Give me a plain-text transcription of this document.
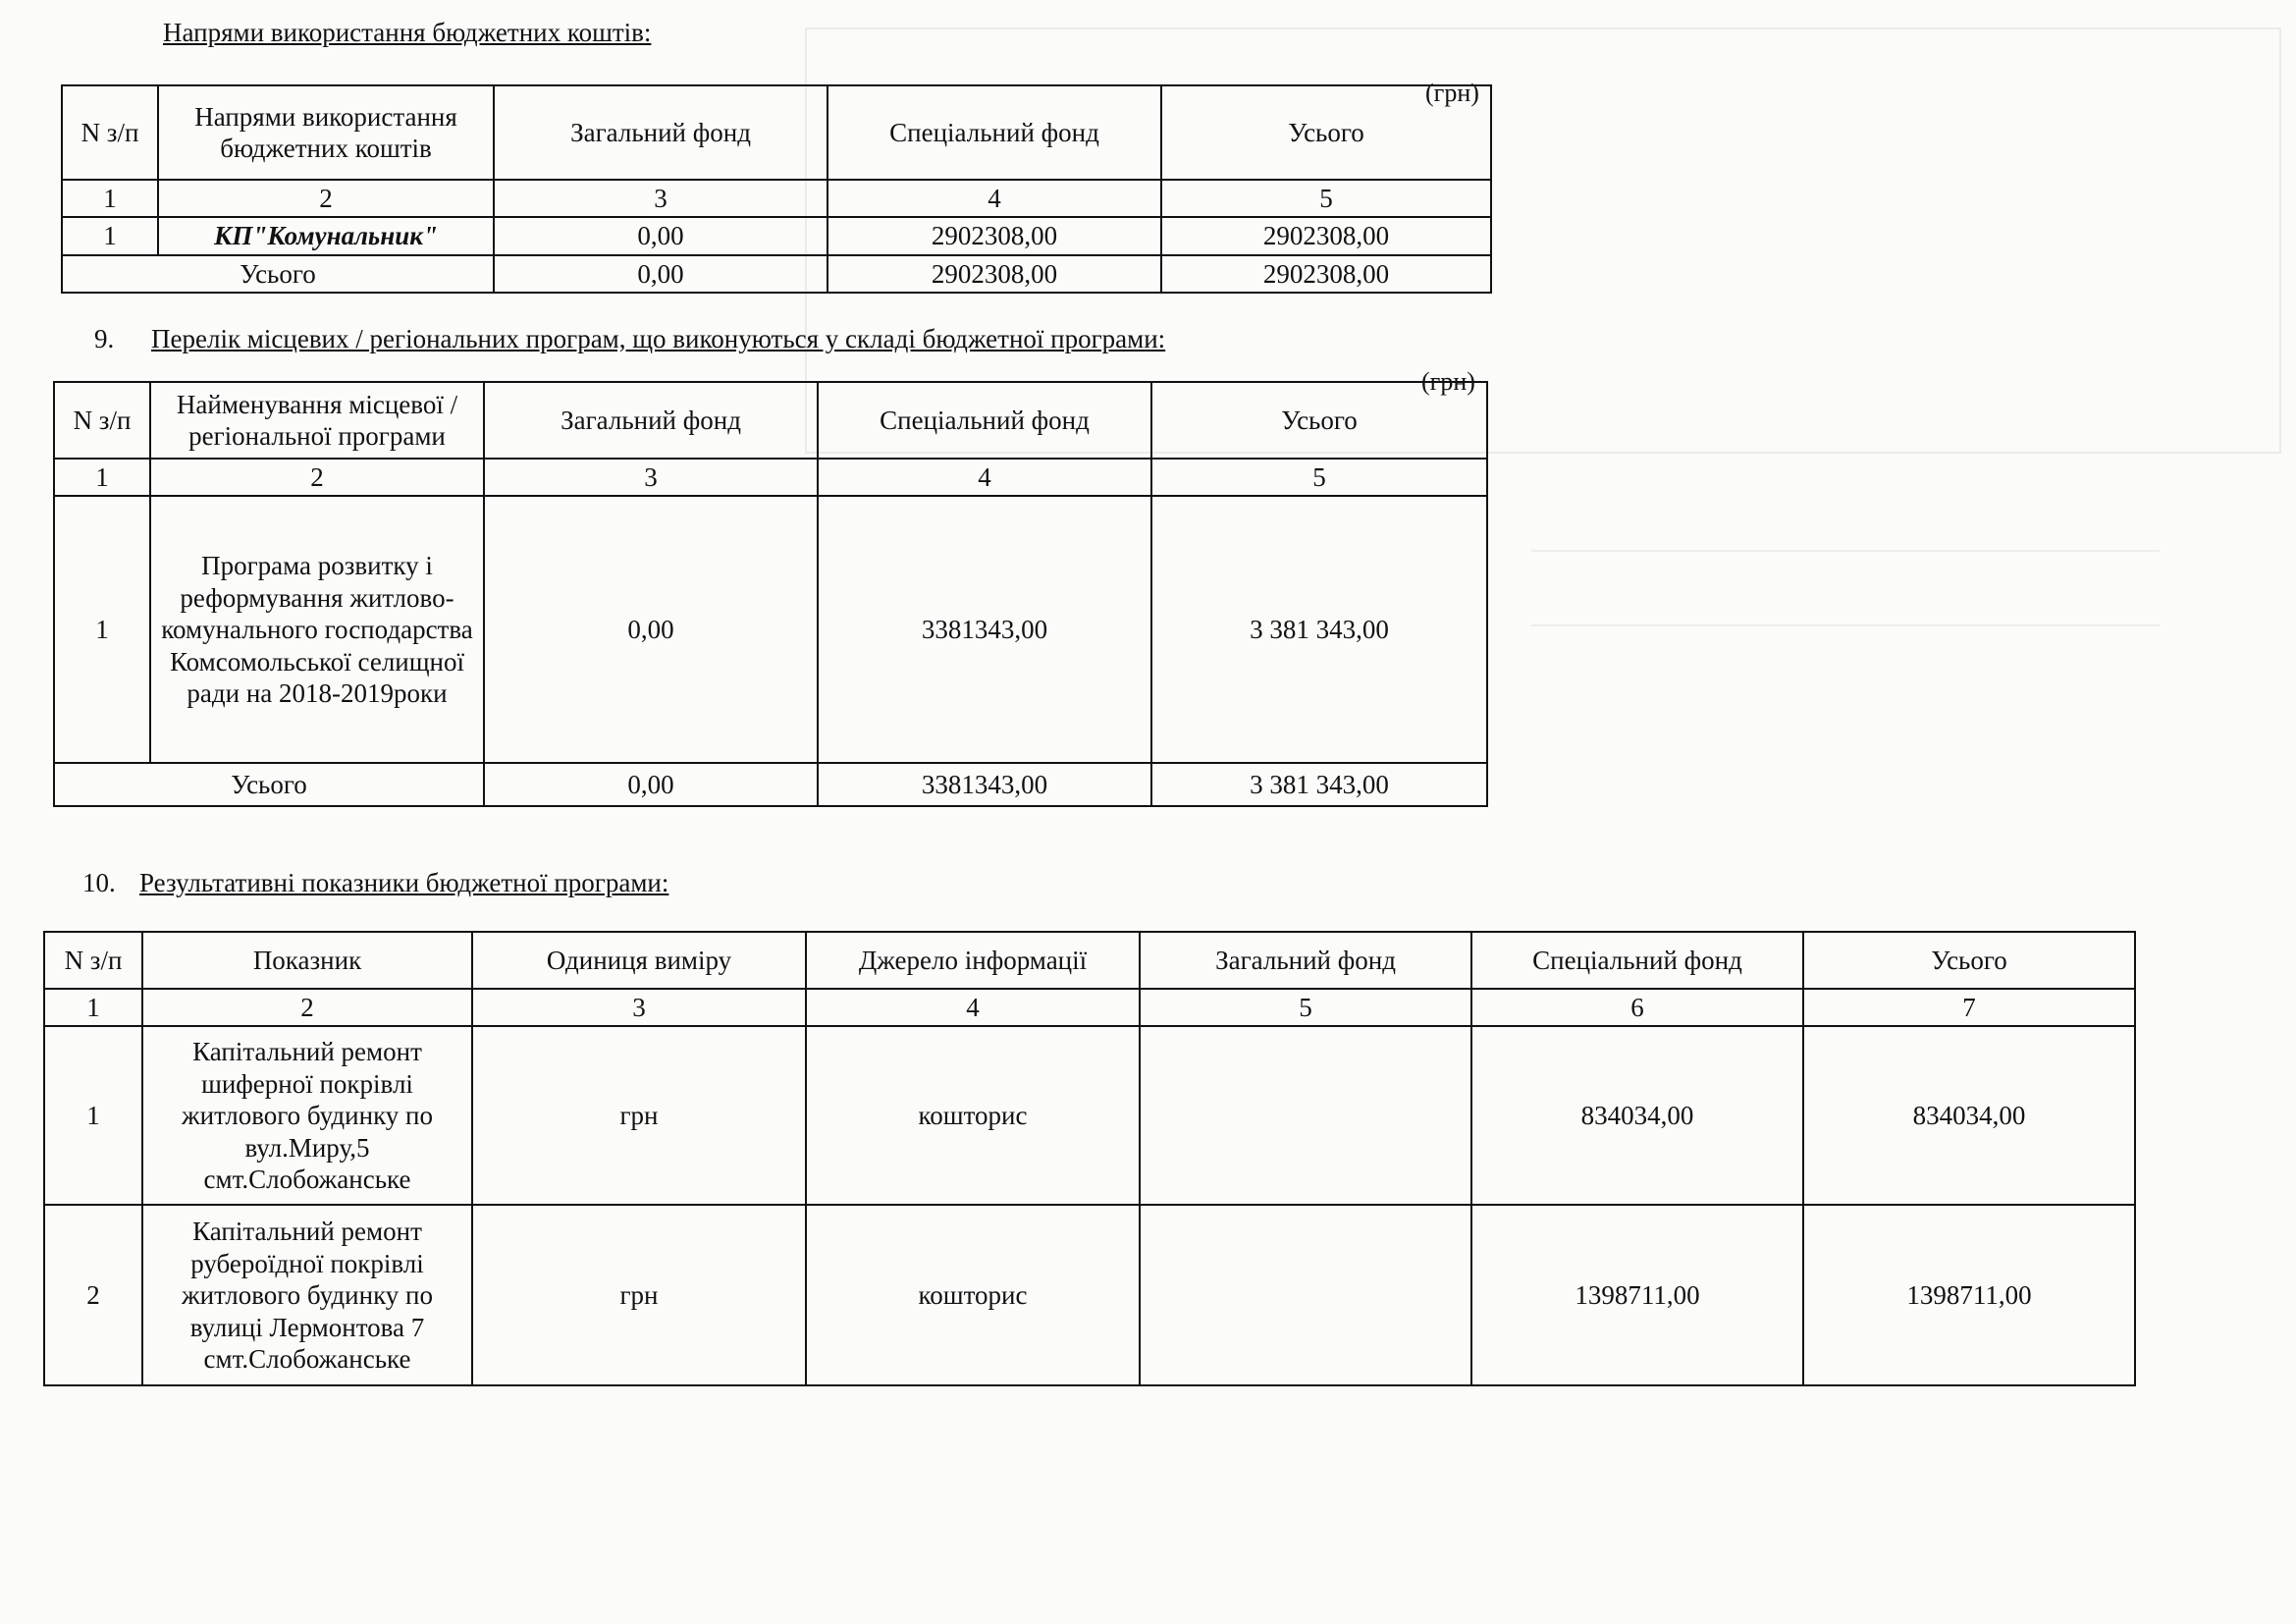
Напрями використання бюджетних коштів:
(грн)
N з/п	Напрями використання бюджетних коштів	Загальний фонд	Спеціальний фонд	Усього
1	2	3	4	5
1	КП"Комунальник"	0,00	2902308,00	2902308,00
Усього		0,00	2902308,00	2902308,00
9. Перелік місцевих / регіональних програм, що виконуються у складі бюджетної програми:
(грн)
N з/п	Найменування місцевої / регіональної програми	Загальний фонд	Спеціальний фонд	Усього
1	2	3	4	5
1	Програма розвитку і реформування житлово-комунального господарства Комсомольської селищної ради на 2018-2019роки	0,00	3381343,00	3 381 343,00
Усього		0,00	3381343,00	3 381 343,00
10. Результативні показники бюджетної програми:
N з/п	Показник	Одиниця виміру	Джерело інформації	Загальний фонд	Спеціальний фонд	Усього
1	2	3	4	5	6	7
1	Капітальний ремонт шиферної покрівлі житлового будинку по вул.Миру,5 смт.Слобожанське	грн	кошторис		834034,00	834034,00
2	Капітальний ремонт рубероїдної покрівлі житлового будинку по вулиці Лермонтова 7 смт.Слобожанське	грн	кошторис		1398711,00	1398711,00
